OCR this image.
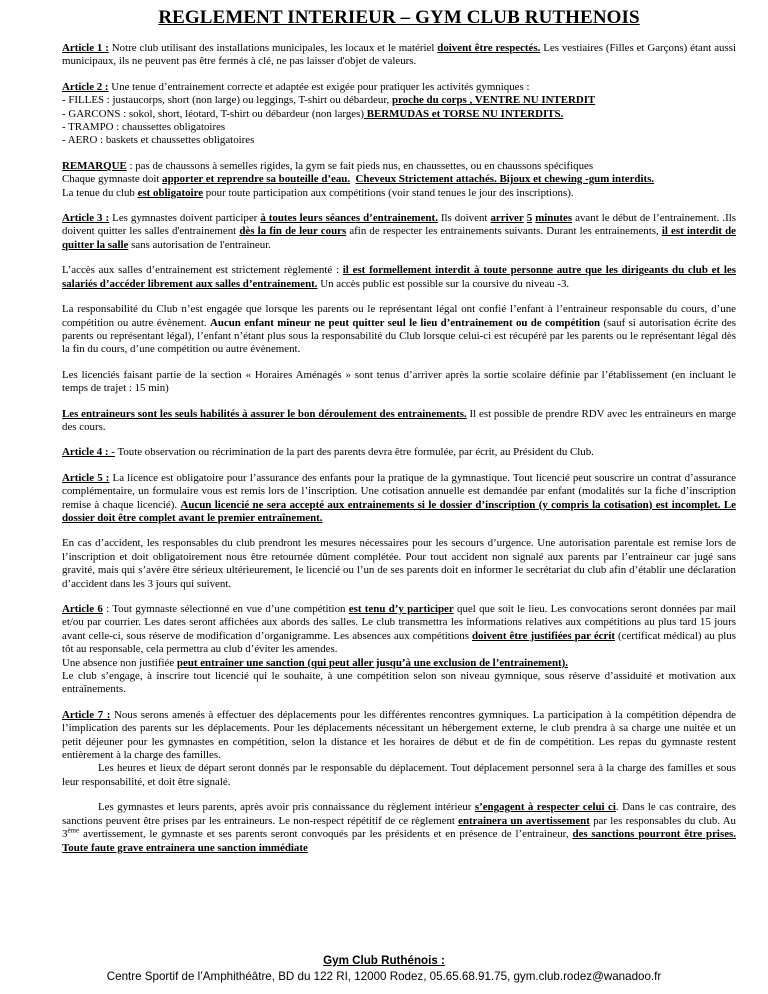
REGLEMENT INTERIEUR – GYM CLUB RUTHENOIS

Article 1 : Notre club utilisant des installations municipales, les locaux et le matériel doivent être respectés. Les vestiaires (Filles et Garçons) étant aussi municipaux, ils ne peuvent pas être fermés à clé, ne pas laisser d'objet de valeurs.

Article 2 : Une tenue d’entrainement correcte et adaptée est exigée pour pratiquer les activités gymniques :
- FILLES : justaucorps, short (non large) ou leggings, T-shirt ou débardeur, proche du corps , VENTRE NU INTERDIT
- GARCONS : sokol, short, léotard, T-shirt ou débardeur (non larges) BERMUDAS et TORSE NU INTERDITS.
- TRAMPO : chaussettes obligatoires
- AERO : baskets et chaussettes obligatoires

REMARQUE : pas de chaussons à semelles rigides, la gym se fait pieds nus, en chaussettes, ou en chaussons spécifiques
Chaque gymnaste doit apporter et reprendre sa bouteille d’eau. Cheveux Strictement attachés. Bijoux et chewing -gum interdits.
La tenue du club est obligatoire pour toute participation aux compétitions (voir stand tenues le jour des inscriptions).

Article 3 : Les gymnastes doivent participer à toutes leurs séances d’entrainement. Ils doivent arriver 5 minutes avant le début de l’entrainement. .Ils doivent quitter les salles d'entrainement dès la fin de leur cours afin de respecter les entrainements suivants. Durant les entrainements, il est interdit de quitter la salle sans autorisation de l'entraineur.

L’accès aux salles d’entrainement est strictement règlementé : il est formellement interdit à toute personne autre que les dirigeants du club et les salariés d’accéder librement aux salles d’entrainement. Un accès public est possible sur la coursive du niveau -3.

La responsabilité du Club n’est engagée que lorsque les parents ou le représentant légal ont confié l’enfant à l’entraineur responsable du cours, d’une compétition ou autre évènement. Aucun enfant mineur ne peut quitter seul le lieu d’entrainement ou de compétition (sauf si autorisation écrite des parents ou représentant légal), l’enfant n’étant plus sous la responsabilité du Club lorsque celui-ci est récupéré par les parents ou le représentant légal dès la fin du cours, d’une compétition ou autre évènement.

Les licenciés faisant partie de la section « Horaires Aménagés » sont tenus d’arriver après la sortie scolaire définie par l’établissement (en incluant le temps de trajet : 15 min)

Les entraineurs sont les seuls habilités à assurer le bon déroulement des entrainements. Il est possible de prendre RDV avec les entraineurs en marge des cours.

Article 4 : - Toute observation ou récrimination de la part des parents devra être formulée, par écrit, au Président du Club.

Article 5 : La licence est obligatoire pour l’assurance des enfants pour la pratique de la gymnastique. Tout licencié peut souscrire un contrat d’assurance complémentaire, un formulaire vous est remis lors de l’inscription. Une cotisation annuelle est demandée par enfant (modalités sur la fiche d’inscription remise à chaque licencié). Aucun licencié ne sera accepté aux entrainements si le dossier d’inscription (y compris la cotisation) est incomplet. Le dossier doit être complet avant le premier entraînement.

En cas d’accident, les responsables du club prendront les mesures nécessaires pour les secours d’urgence. Une autorisation parentale est remise lors de l’inscription et doit obligatoirement nous être retournée dûment complétée. Pour tout accident non signalé aux parents par l’entraineur car jugé sans gravité, mais qui s’avère être sérieux ultérieurement, le licencié ou l’un de ses parents doit en informer le secrétariat du club afin d’établir une déclaration d’accident dans les 3 jours qui suivent.

Article 6 : Tout gymnaste sélectionné en vue d’une compétition est tenu d’y participer quel que soit le lieu. Les convocations seront données par mail et/ou par courrier. Les dates seront affichées aux abords des salles. Le club transmettra les informations relatives aux compétitions au plus tard 15 jours avant celle-ci, sous réserve de modification d’organigramme. Les absences aux compétitions doivent être justifiées par écrit (certificat médical) au plus tôt au responsable, cela permettra au club d’éviter les amendes.
Une absence non justifiée peut entrainer une sanction (qui peut aller jusqu’à une exclusion de l’entrainement).
Le club s’engage, à inscrire tout licencié qui le souhaite, à une compétition selon son niveau gymnique, sous réserve d’assiduité et motivation aux entraînements.

Article 7 : Nous serons amenés à effectuer des déplacements pour les différentes rencontres gymniques. La participation à la compétition dépendra de l’implication des parents sur les déplacements. Pour les déplacements nécessitant un hébergement externe, le club prendra à sa charge une nuitée et un petit déjeuner pour les gymnastes en compétition, selon la distance et les horaires de début et de fin de compétition. Les repas du gymnaste restent entièrement à la charge des familles.

Les heures et lieux de départ seront donnés par le responsable du déplacement. Tout déplacement personnel sera à la charge des familles et sous leur responsabilité, et doit être signalé.

Les gymnastes et leurs parents, après avoir pris connaissance du règlement intérieur s’engagent à respecter celui ci. Dans le cas contraire, des sanctions peuvent être prises par les entraineurs. Le non-respect répétitif de ce règlement entrainera un avertissement par les responsables du club. Au 3ème avertissement, le gymnaste et ses parents seront convoqués par les présidents et en présence de l’entraineur, des sanctions pourront être prises. Toute faute grave entrainera une sanction immédiate

Gym Club Ruthénois :
Centre Sportif de l’Amphithéâtre, BD du 122 RI, 12000 Rodez, 05.65.68.91.75, gym.club.rodez@wanadoo.fr
